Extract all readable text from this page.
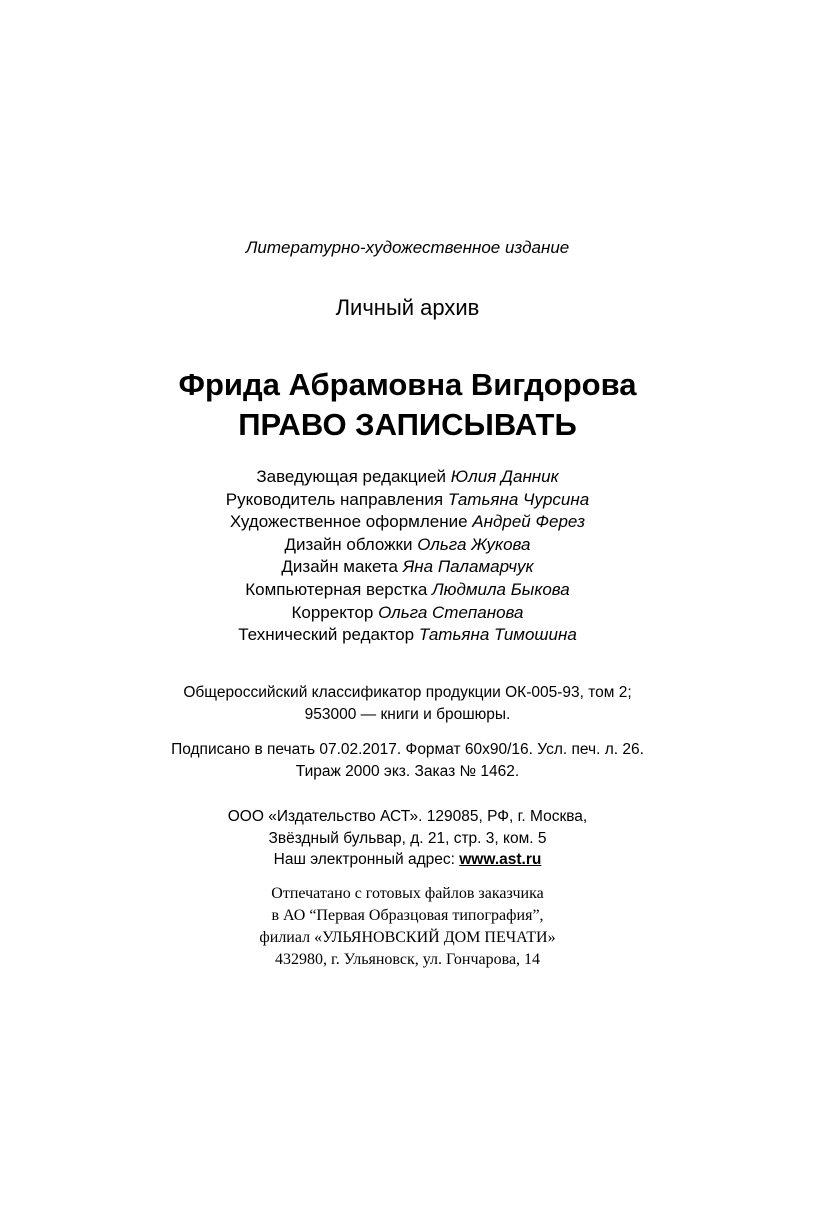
Литературно-художественное издание
Личный архив
Фрида Абрамовна Вигдорова
ПРАВО ЗАПИСЫВАТЬ
Заведующая редакцией Юлия Данник
Руководитель направления Татьяна Чурсина
Художественное оформление Андрей Ферез
Дизайн обложки Ольга Жукова
Дизайн макета Яна Паламарчук
Компьютерная верстка Людмила Быкова
Корректор Ольга Степанова
Технический редактор Татьяна Тимошина
Общероссийский классификатор продукции ОК-005-93, том 2;
953000 — книги и брошюры.
Подписано в печать 07.02.2017. Формат 60x90/16. Усл. печ. л. 26.
Тираж 2000 экз. Заказ № 1462.
ООО «Издательство АСТ». 129085, РФ, г. Москва,
Звёздный бульвар, д. 21, стр. 3, ком. 5
Наш электронный адрес: www.ast.ru
Отпечатано с готовых файлов заказчика
в АО “Первая Образцовая типография”,
филиал «УЛЬЯНОВСКИЙ ДОМ ПЕЧАТИ»
432980, г. Ульяновск, ул. Гончарова, 14
